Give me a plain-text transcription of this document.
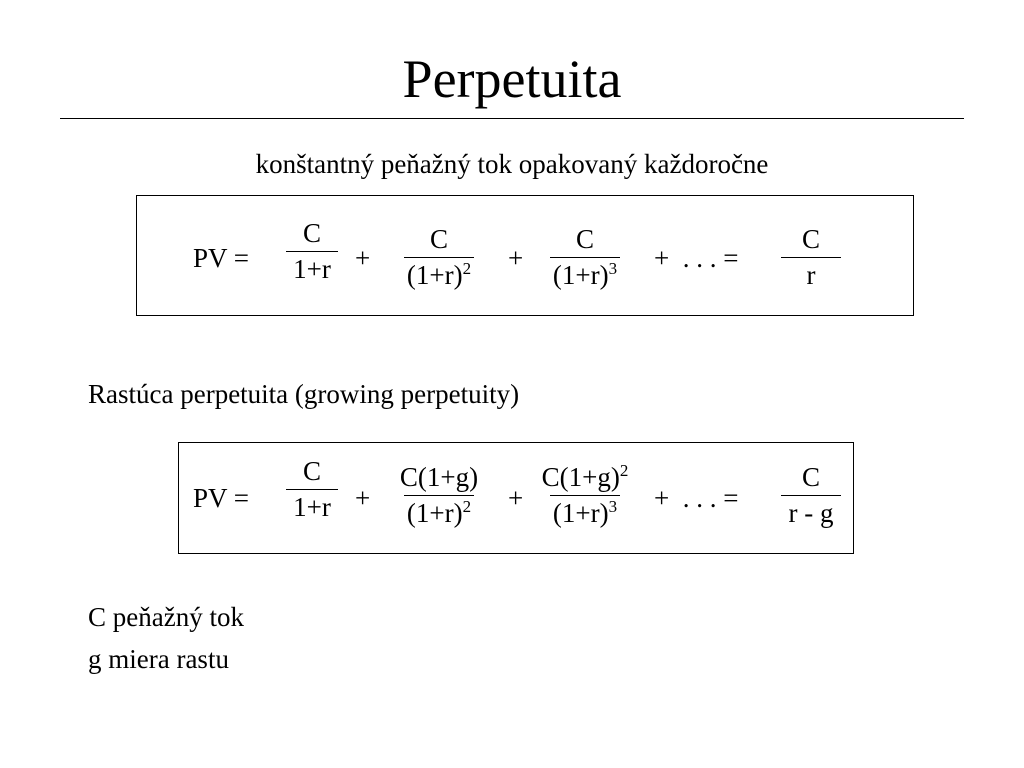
Perpetuita
konštantný peňažný tok opakovaný každoročne
PV =
C
1+r +
C
$(1+r)^2$ +
C
$(1+r)^3$ +  . . . =
C
r
Rastúca perpetuita (growing perpetuity)
PV =
C
1+r +
C(1+g)
$(1+r)^2$ +
$C(1+g)^2$
$(1+r)^3$ +  . . . =
C
r - g
C peňažný tok
g miera rastu
